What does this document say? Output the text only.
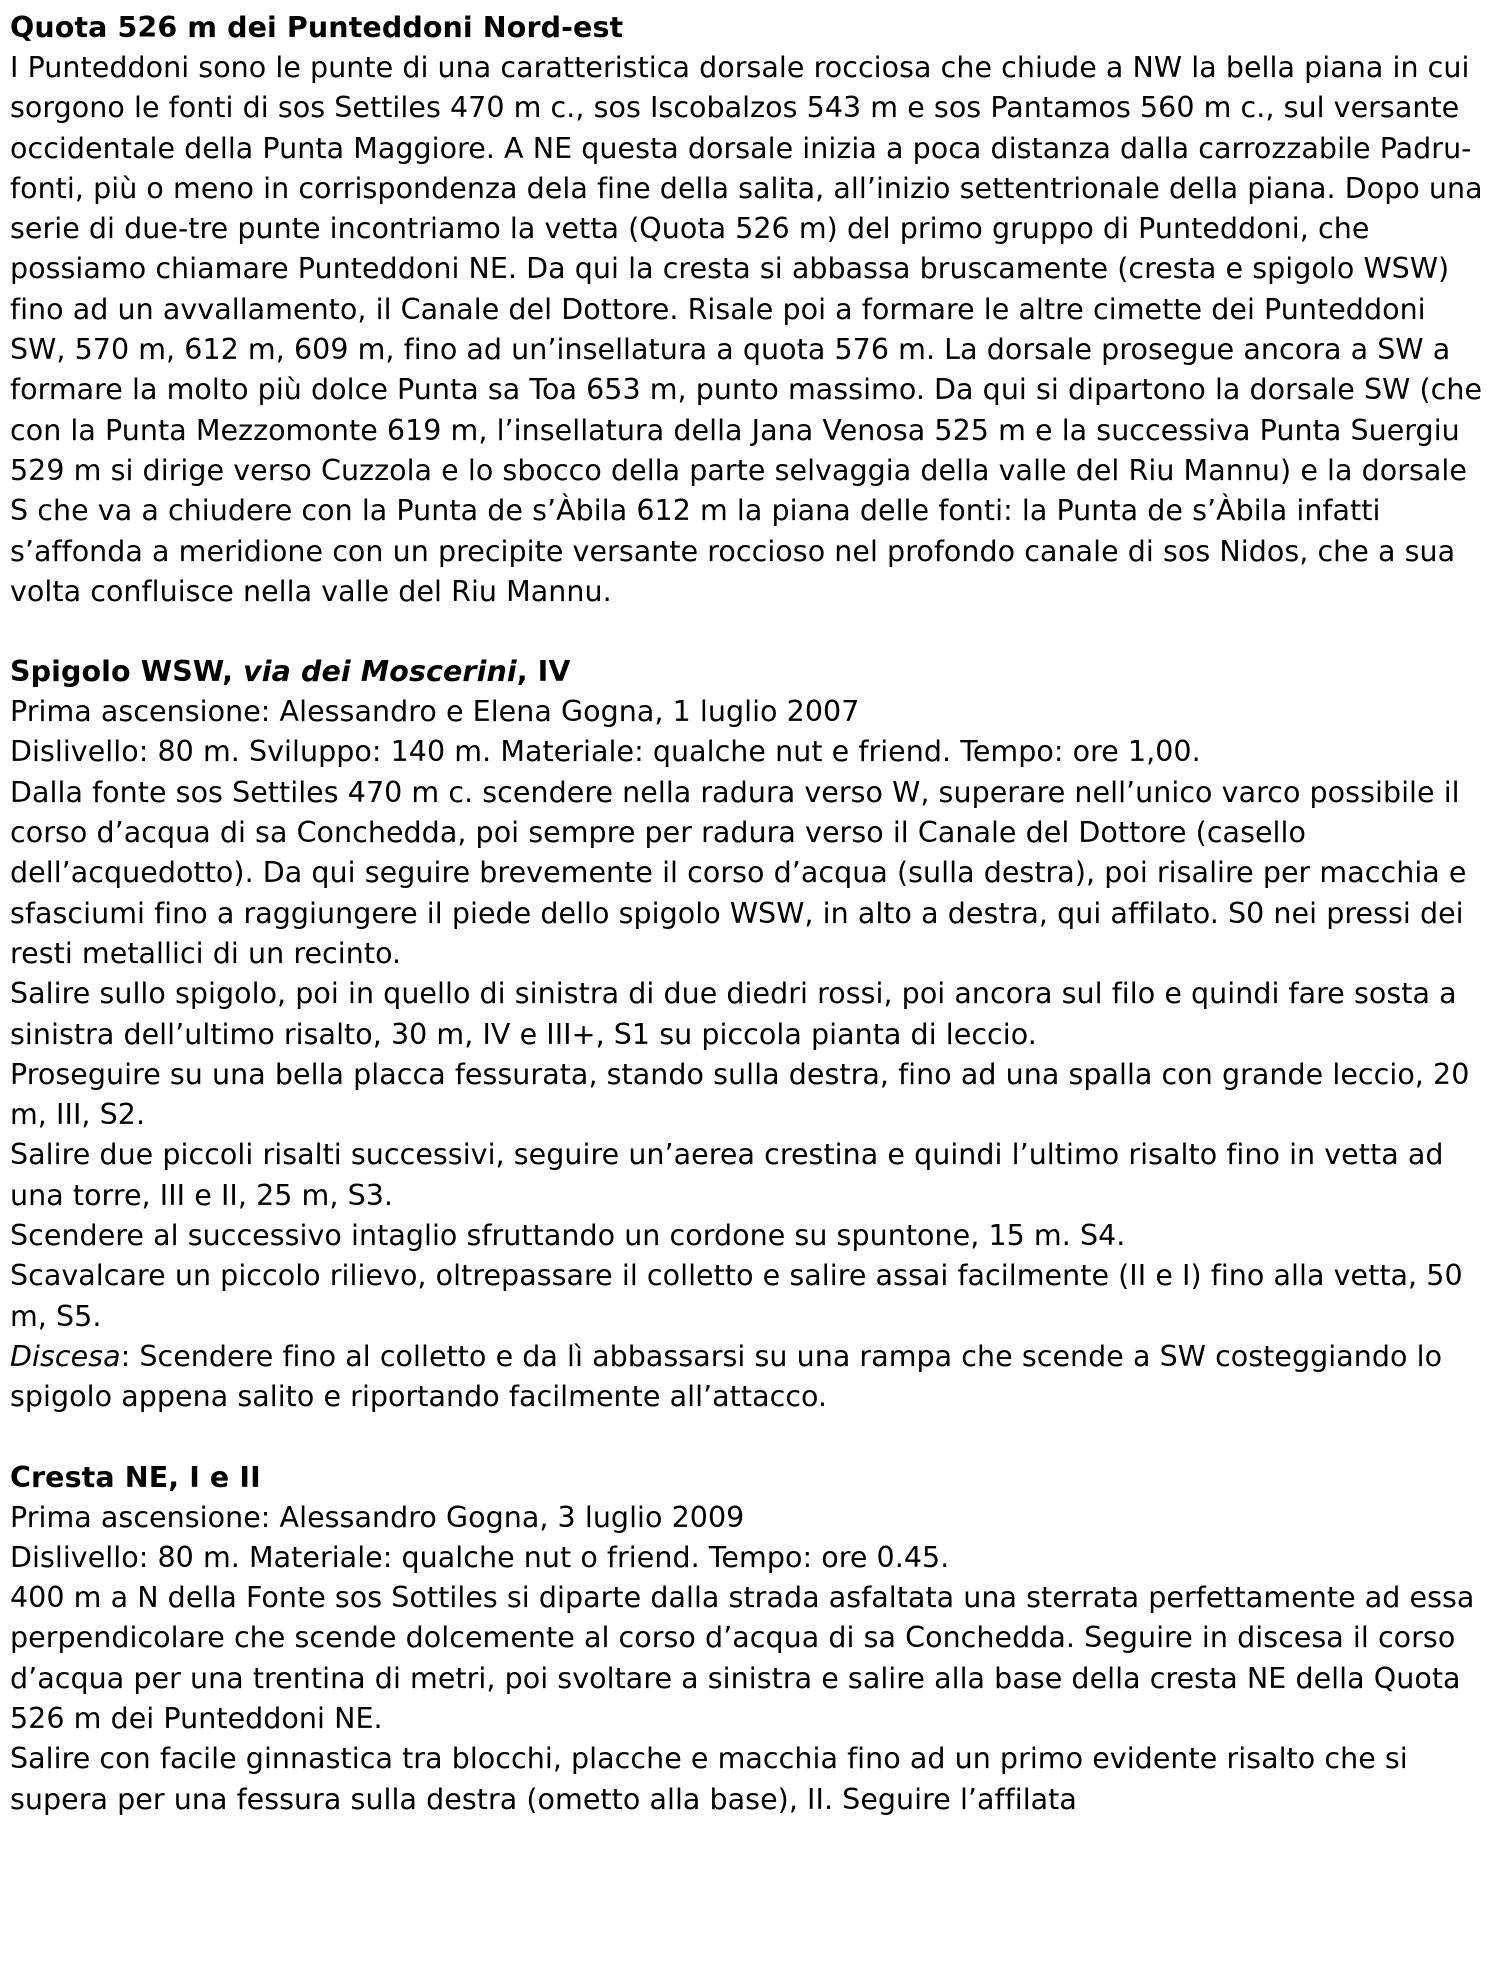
Quota 526 m dei Punteddoni Nord-est

I Punteddoni sono le punte di una caratteristica dorsale rocciosa che chiude a NW la bella piana in cui sorgono le fonti di sos Settiles 470 m c., sos Iscobalzos 543 m e sos Pantamos 560 m c., sul versante occidentale della Punta Maggiore. A NE questa dorsale inizia a poca distanza dalla carrozzabile Padru-fonti, più o meno in corrispondenza dela fine della salita, all’inizio settentrionale della piana. Dopo una serie di due-tre punte incontriamo la vetta (Quota 526 m) del primo gruppo di Punteddoni, che possiamo chiamare Punteddoni NE. Da qui la cresta si abbassa bruscamente (cresta e spigolo WSW) fino ad un avvallamento, il Canale del Dottore. Risale poi a formare le altre cimette dei Punteddoni SW, 570 m, 612 m, 609 m, fino ad un’insellatura a quota 576 m. La dorsale prosegue ancora a SW a formare la molto più dolce Punta sa Toa 653 m, punto massimo. Da qui si dipartono la dorsale SW (che con la Punta Mezzomonte 619 m, l’insellatura della Jana Venosa 525 m e la successiva Punta Suergiu 529 m si dirige verso Cuzzola e lo sbocco della parte selvaggia della valle del Riu Mannu) e la dorsale S che va a chiudere con la Punta de s’Àbila 612 m la piana delle fonti: la Punta de s’Àbila infatti s’affonda a meridione con un precipite versante roccioso nel profondo canale di sos Nidos, che a sua volta confluisce nella valle del Riu Mannu.

Spigolo WSW, via dei Moscerini, IV

Prima ascensione: Alessandro e Elena Gogna, 1 luglio 2007

Dislivello: 80 m. Sviluppo: 140 m. Materiale: qualche nut e friend. Tempo: ore 1,00.

Dalla fonte sos Settiles 470 m c. scendere nella radura verso W, superare nell’unico varco possibile il corso d’acqua di sa Conchedda, poi sempre per radura verso il Canale del Dottore (casello dell’acquedotto). Da qui seguire brevemente il corso d’acqua (sulla destra), poi risalire per macchia e sfasciumi fino a raggiungere il piede dello spigolo WSW, in alto a destra, qui affilato. S0 nei pressi dei resti metallici di un recinto.

Salire sullo spigolo, poi in quello di sinistra di due diedri rossi, poi ancora sul filo e quindi fare sosta a sinistra dell’ultimo risalto, 30 m, IV e III+, S1 su piccola pianta di leccio.

Proseguire su una bella placca fessurata, stando sulla destra, fino ad una spalla con grande leccio, 20 m, III, S2.

Salire due piccoli risalti successivi, seguire un’aerea crestina e quindi l’ultimo risalto fino in vetta ad una torre, III e II, 25 m, S3.

Scendere al successivo intaglio sfruttando un cordone su spuntone, 15 m. S4.

Scavalcare un piccolo rilievo, oltrepassare il colletto e salire assai facilmente (II e I) fino alla vetta, 50 m, S5.

Discesa: Scendere fino al colletto e da lì abbassarsi su una rampa che scende a SW costeggiando lo spigolo appena salito e riportando facilmente all’attacco.

Cresta NE, I e II

Prima ascensione: Alessandro Gogna, 3 luglio 2009

Dislivello: 80 m. Materiale: qualche nut o friend. Tempo: ore 0.45.

400 m a N della Fonte sos Sottiles si diparte dalla strada asfaltata una sterrata perfettamente ad essa perpendicolare che scende dolcemente al corso d’acqua di sa Conchedda. Seguire in discesa il corso d’acqua per una trentina di metri, poi svoltare a sinistra e salire alla base della cresta NE della Quota 526 m dei Punteddoni NE.

Salire con facile ginnastica tra blocchi, placche e macchia fino ad un primo evidente risalto che si supera per una fessura sulla destra (ometto alla base), II. Seguire l’affilata
